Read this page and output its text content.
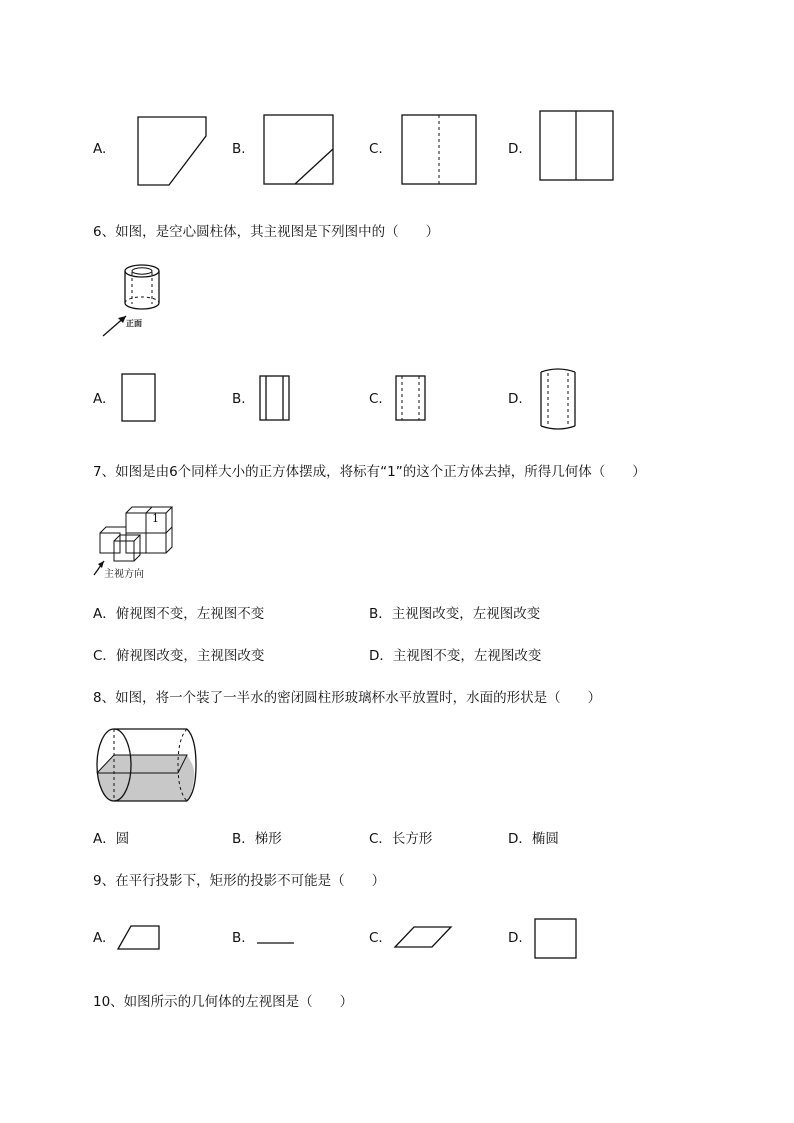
A.	B.	C.	D.
6、如图，是空心圆柱体，其主视图是下列图中的（　　）
正面
A.	B.	C.	D.
7、如图是由6个同样大小的正方体摆成，将标有“1”的这个正方体去掉，所得几何体（　　）
1
主视方向
A．俯视图不变，左视图不变	B．主视图改变，左视图改变
C．俯视图改变，主视图改变	D．主视图不变，左视图改变
8、如图，将一个装了一半水的密闭圆柱形玻璃杯水平放置时，水面的形状是（　　）
A．圆	B．梯形	C．长方形	D．椭圆
9、在平行投影下，矩形的投影不可能是（　　）
A.	B.	C.	D.
10、如图所示的几何体的左视图是（　　）
